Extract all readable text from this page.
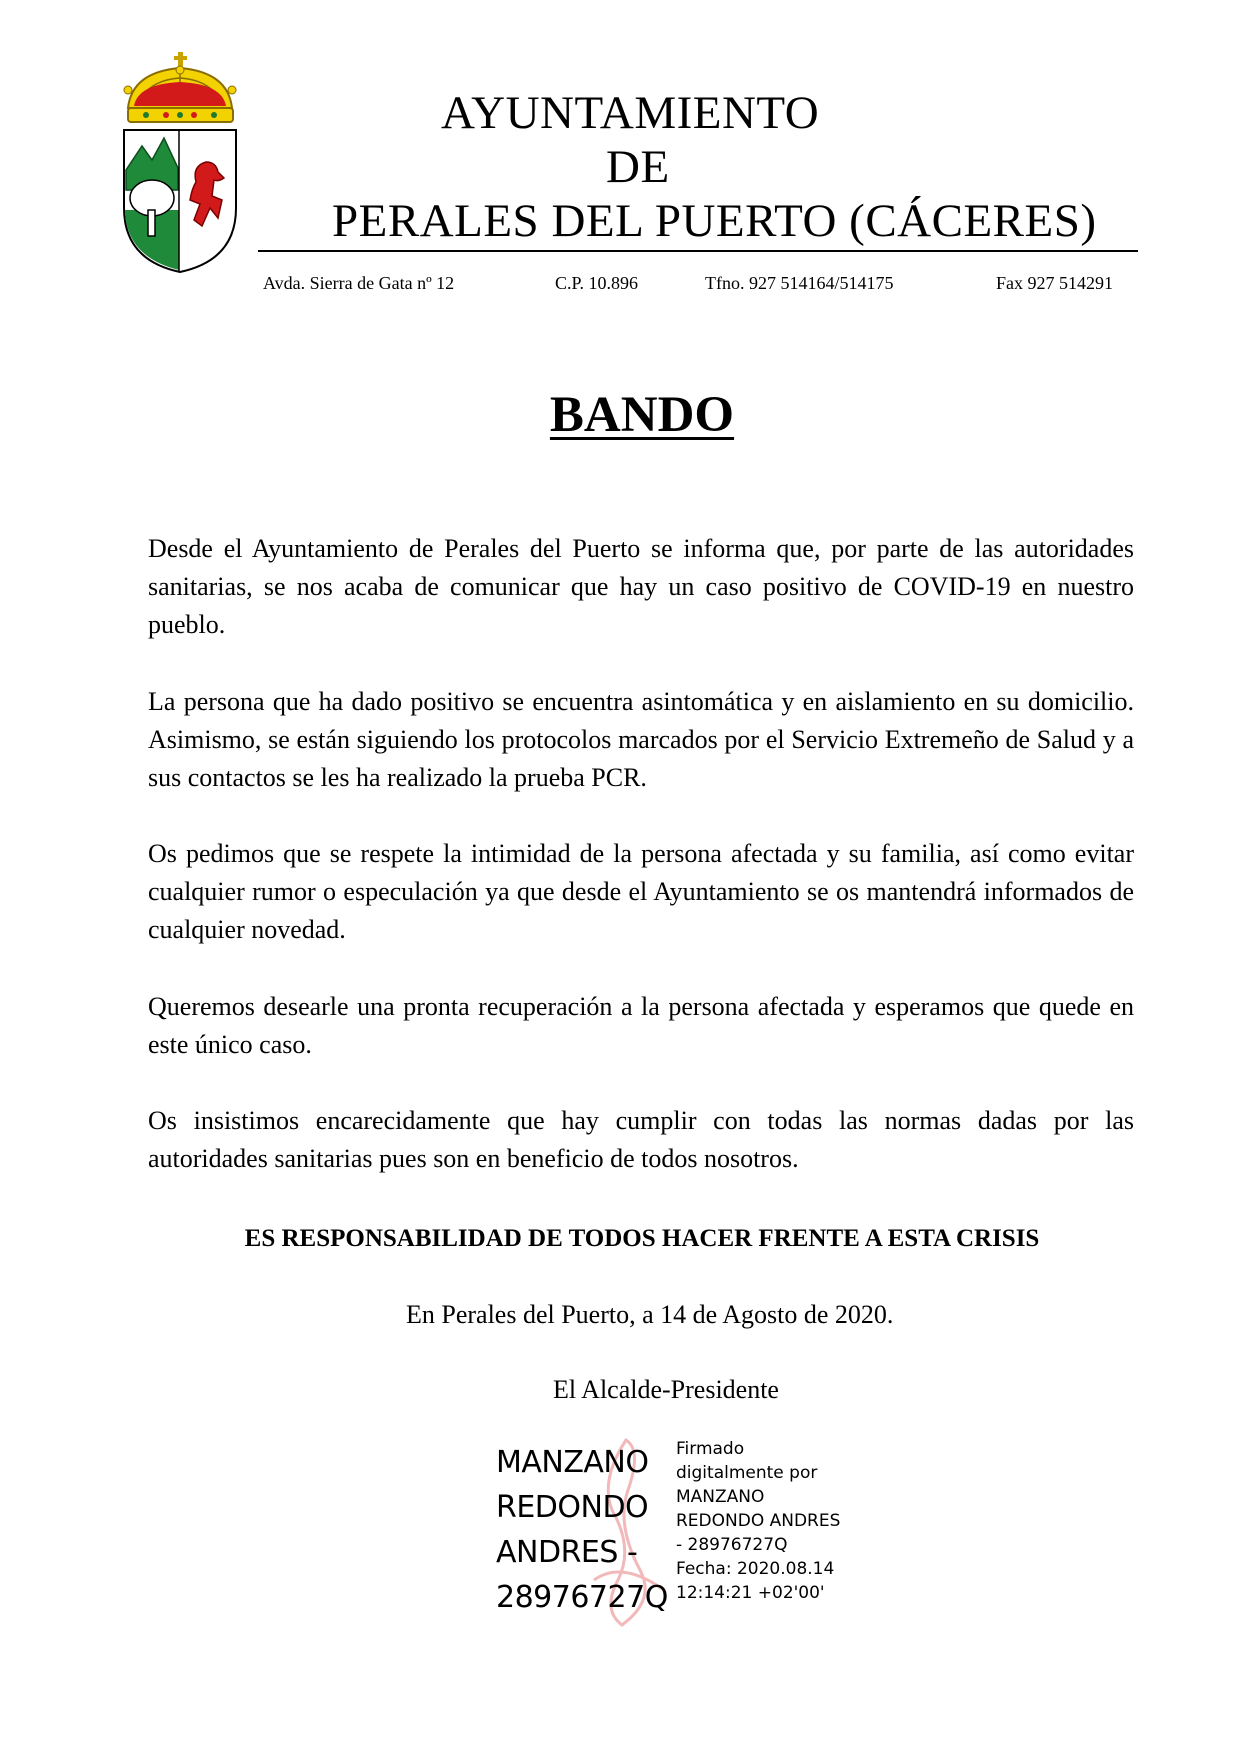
AYUNTAMIENTO
DE
PERALES DEL PUERTO (CÁCERES)
Avda. Sierra de Gata nº 12	C.P. 10.896	Tfno. 927 514164/514175	Fax 927 514291
BANDO

Desde el Ayuntamiento de Perales del Puerto se informa que, por parte de las autoridades sanitarias, se nos acaba de comunicar que hay un caso positivo de COVID-19 en nuestro pueblo.

La persona que ha dado positivo se encuentra asintomática y en aislamiento en su domicilio. Asimismo, se están siguiendo los protocolos marcados por el Servicio Extremeño de Salud y a sus contactos se les ha realizado la prueba PCR.

Os pedimos que se respete la intimidad de la persona afectada y su familia, así como evitar cualquier rumor o especulación ya que desde el Ayuntamiento se os mantendrá informados de cualquier novedad.

Queremos desearle una pronta recuperación a la persona afectada y esperamos que quede en este único caso.

Os insistimos encarecidamente que hay cumplir con todas las normas dadas por las autoridades sanitarias pues son en beneficio de todos nosotros.

ES RESPONSABILIDAD DE TODOS HACER FRENTE A ESTA CRISIS
En Perales del Puerto, a 14 de Agosto de 2020.
El Alcalde-Presidente
MANZANO
REDONDO
ANDRES -
28976727Q
Firmado
digitalmente por
MANZANO
REDONDO ANDRES
- 28976727Q
Fecha: 2020.08.14
12:14:21 +02'00'
